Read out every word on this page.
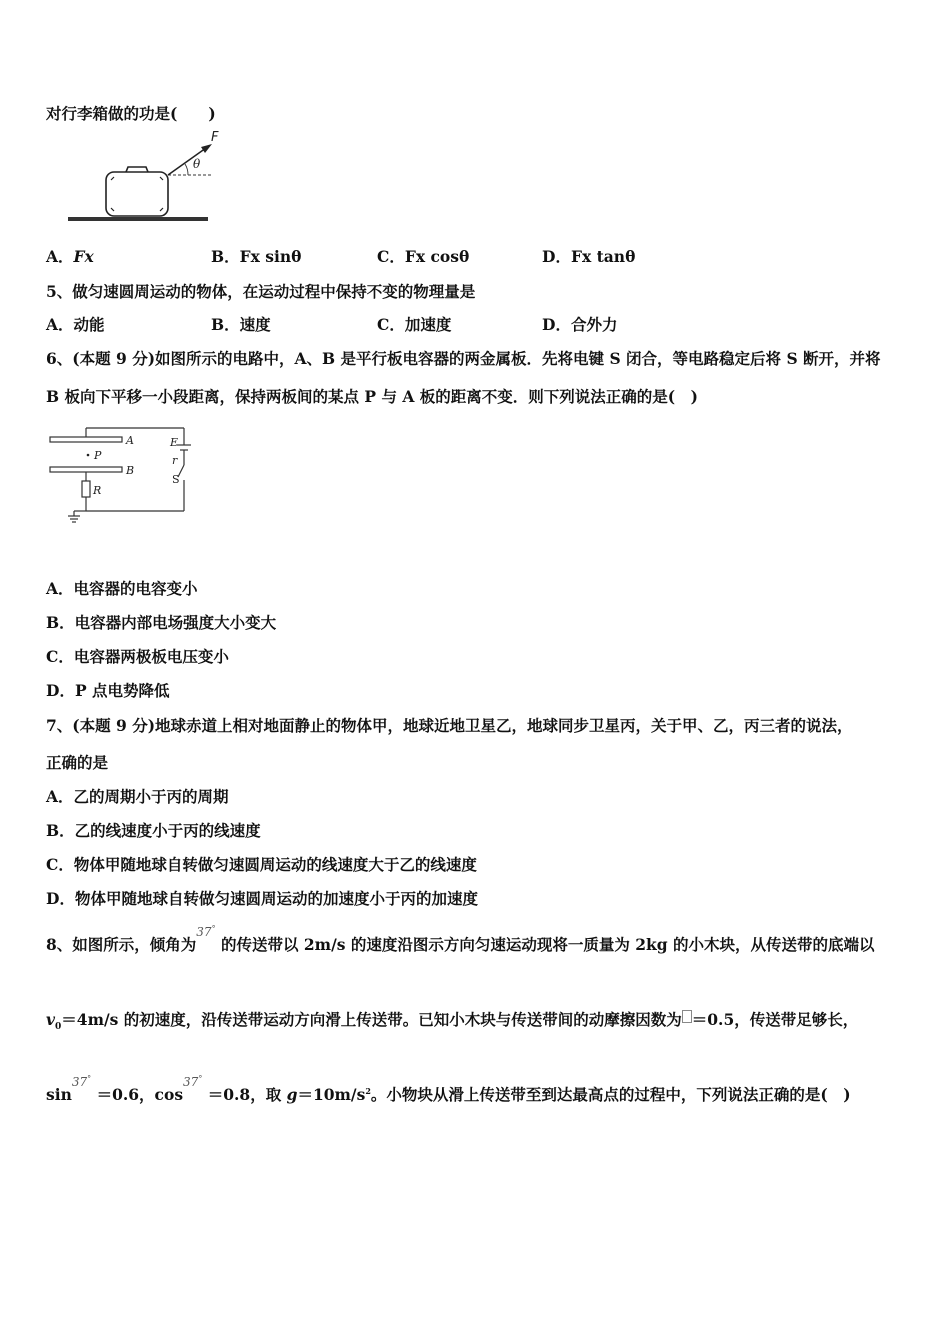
对行李箱做的功是(　　)
F
θ
A．Fx	B．Fx sinθ	C．Fx cosθ	D．Fx tanθ
5、做匀速圆周运动的物体，在运动过程中保持不变的物理量是
A．动能	B．速度	C．加速度	D．合外力
6、(本题 9 分)如图所示的电路中，A、B 是平行板电容器的两金属板．先将电键 S 闭合，等电路稳定后将 S 断开，并将
B 板向下平移一小段距离，保持两板间的某点 P 与 A 板的距离不变．则下列说法正确的是(　)
A
B
P
R
E
r
S
A．电容器的电容变小
B．电容器内部电场强度大小变大
C．电容器两极板电压变小
D．P 点电势降低
7、(本题 9 分)地球赤道上相对地面静止的物体甲，地球近地卫星乙，地球同步卫星丙，关于甲、乙，丙三者的说法，
正确的是
A．乙的周期小于丙的周期
B．乙的线速度小于丙的线速度
C．物体甲随地球自转做匀速圆周运动的线速度大于乙的线速度
D．物体甲随地球自转做匀速圆周运动的加速度小于丙的加速度
8、如图所示，倾角为$^{37^\circ}$ 的传送带以 2m/s 的速度沿图示方向匀速运动现将一质量为 2kg 的小木块，从传送带的底端以
$v_0=4m/s$ 的初速度，沿传送带运动方向滑上传送带。已知小木块与传送带间的动摩擦因数为 ＝0.5，传送带足够长，
$\sin^{37^\circ} =0.6$，$\cos^{37^\circ} =0.8$，取 $g=10m/s^2$。小物块从滑上传送带至到达最高点的过程中，下列说法正确的是(　)
